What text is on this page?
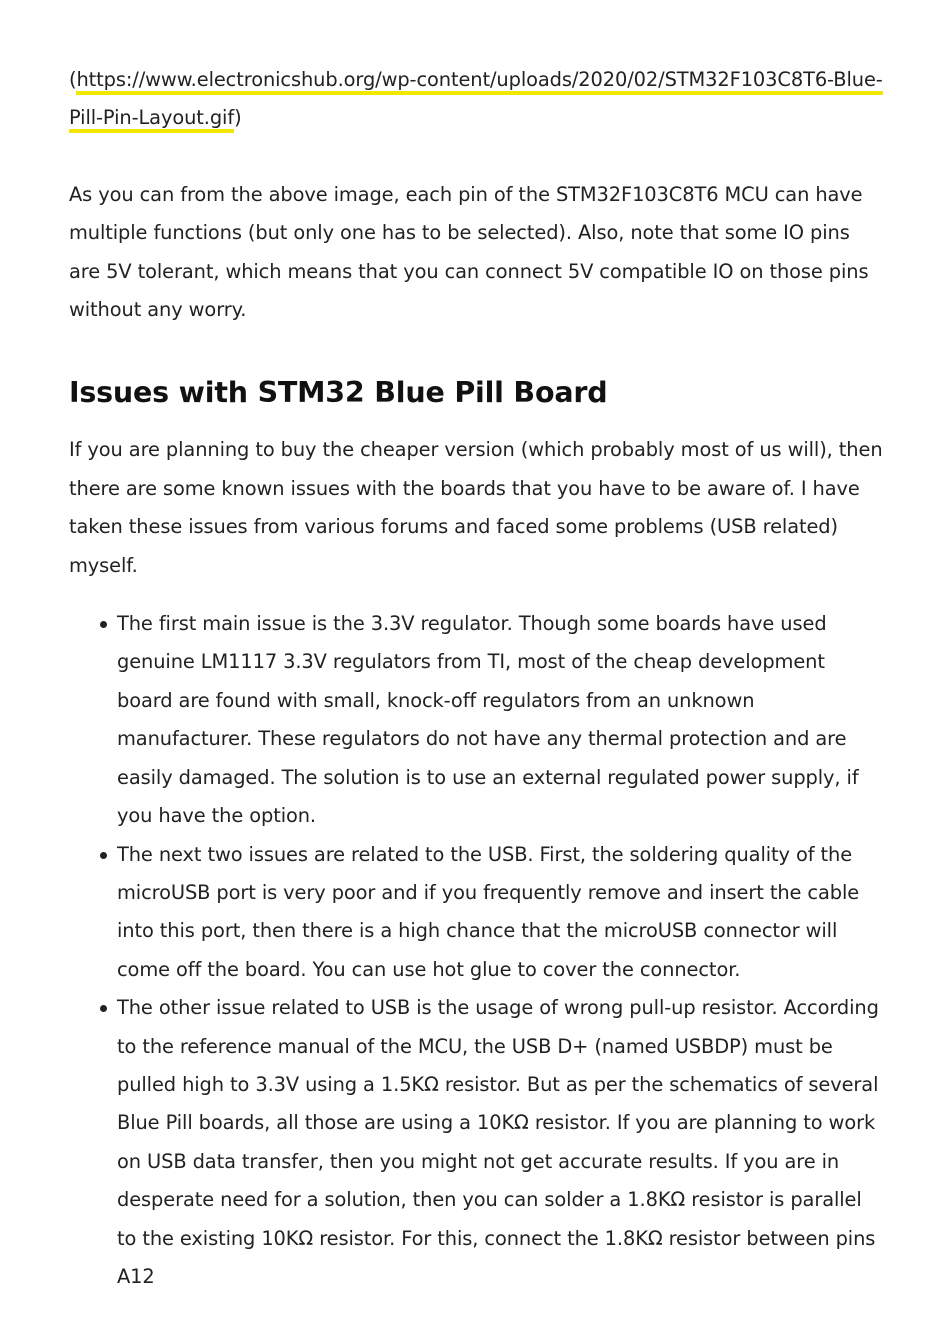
(https://www.electronicshub.org/wp-content/uploads/2020/02/STM32F103C8T6-Blue-
Pill-Pin-Layout.gif)

As you can from the above image, each pin of the STM32F103C8T6 MCU can have multiple functions (but only one has to be selected). Also, note that some IO pins are 5V tolerant, which means that you can connect 5V compatible IO on those pins without any worry.

Issues with STM32 Blue Pill Board

If you are planning to buy the cheaper version (which probably most of us will), then there are some known issues with the boards that you have to be aware of. I have taken these issues from various forums and faced some problems (USB related) myself.

The first main issue is the 3.3V regulator. Though some boards have used genuine LM1117 3.3V regulators from TI, most of the cheap development board are found with small, knock-off regulators from an unknown manufacturer. These regulators do not have any thermal protection and are easily damaged. The solution is to use an external regulated power supply, if you have the option.
The next two issues are related to the USB. First, the soldering quality of the microUSB port is very poor and if you frequently remove and insert the cable into this port, then there is a high chance that the microUSB connector will come off the board. You can use hot glue to cover the connector.
The other issue related to USB is the usage of wrong pull-up resistor. According to the reference manual of the MCU, the USB D+ (named USBDP) must be pulled high to 3.3V using a 1.5KΩ resistor. But as per the schematics of several Blue Pill boards, all those are using a 10KΩ resistor. If you are planning to work on USB data transfer, then you might not get accurate results. If you are in desperate need for a solution, then you can solder a 1.8KΩ resistor is parallel to the existing 10KΩ resistor. For this, connect the 1.8KΩ resistor between pins A12
